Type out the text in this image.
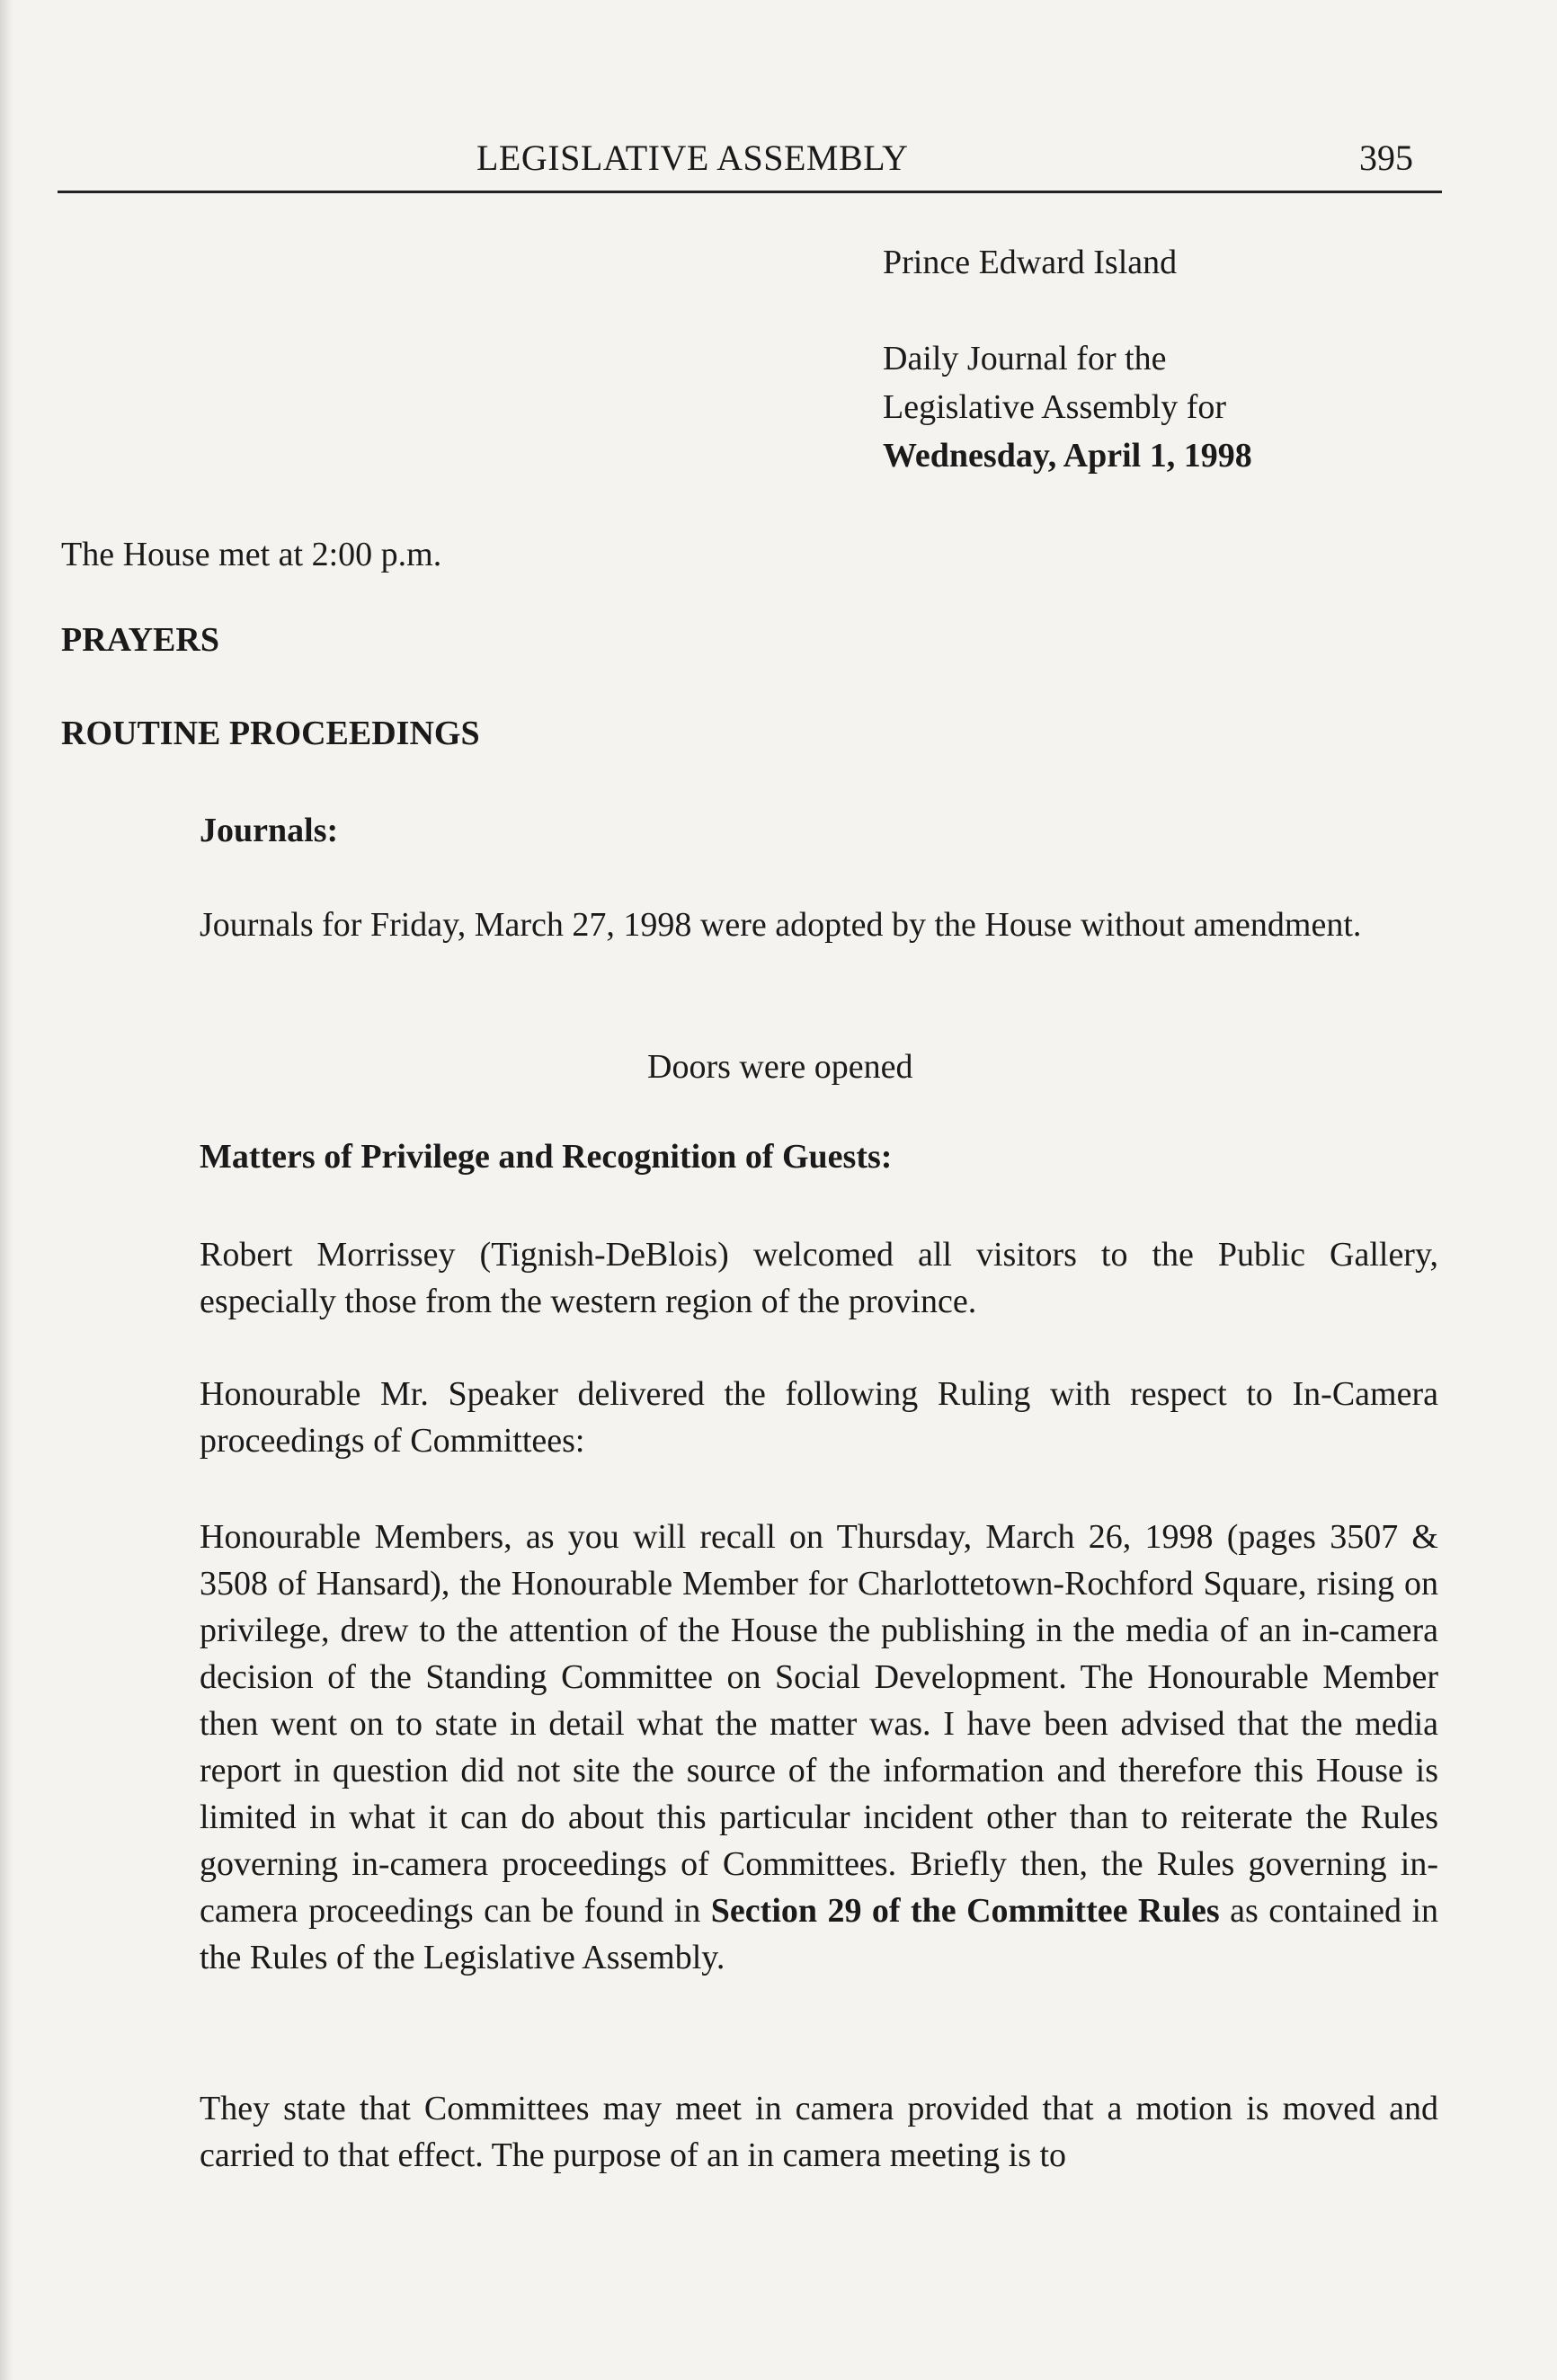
LEGISLATIVE ASSEMBLY	395
Prince Edward Island
Daily Journal for the
Legislative Assembly for
Wednesday, April 1, 1998
The House met at 2:00 p.m.
PRAYERS
ROUTINE PROCEEDINGS
Journals:
Journals for Friday, March 27, 1998 were adopted by the House without amendment.
Doors were opened
Matters of Privilege and Recognition of Guests:
Robert Morrissey (Tignish-DeBlois) welcomed all visitors to the Public Gallery, especially those from the western region of the province.
Honourable Mr. Speaker delivered the following Ruling with respect to In-Camera proceedings of Committees:
Honourable Members, as you will recall on Thursday, March 26, 1998 (pages 3507 & 3508 of Hansard), the Honourable Member for Charlottetown-Rochford Square, rising on privilege, drew to the attention of the House the publishing in the media of an in-camera decision of the Standing Committee on Social Development. The Honourable Member then went on to state in detail what the matter was. I have been advised that the media report in question did not site the source of the information and therefore this House is limited in what it can do about this particular incident other than to reiterate the Rules governing in-camera proceedings of Committees. Briefly then, the Rules governing in-camera proceedings can be found in Section 29 of the Committee Rules as contained in the Rules of the Legislative Assembly.
They state that Committees may meet in camera provided that a motion is moved and carried to that effect. The purpose of an in camera meeting is to
